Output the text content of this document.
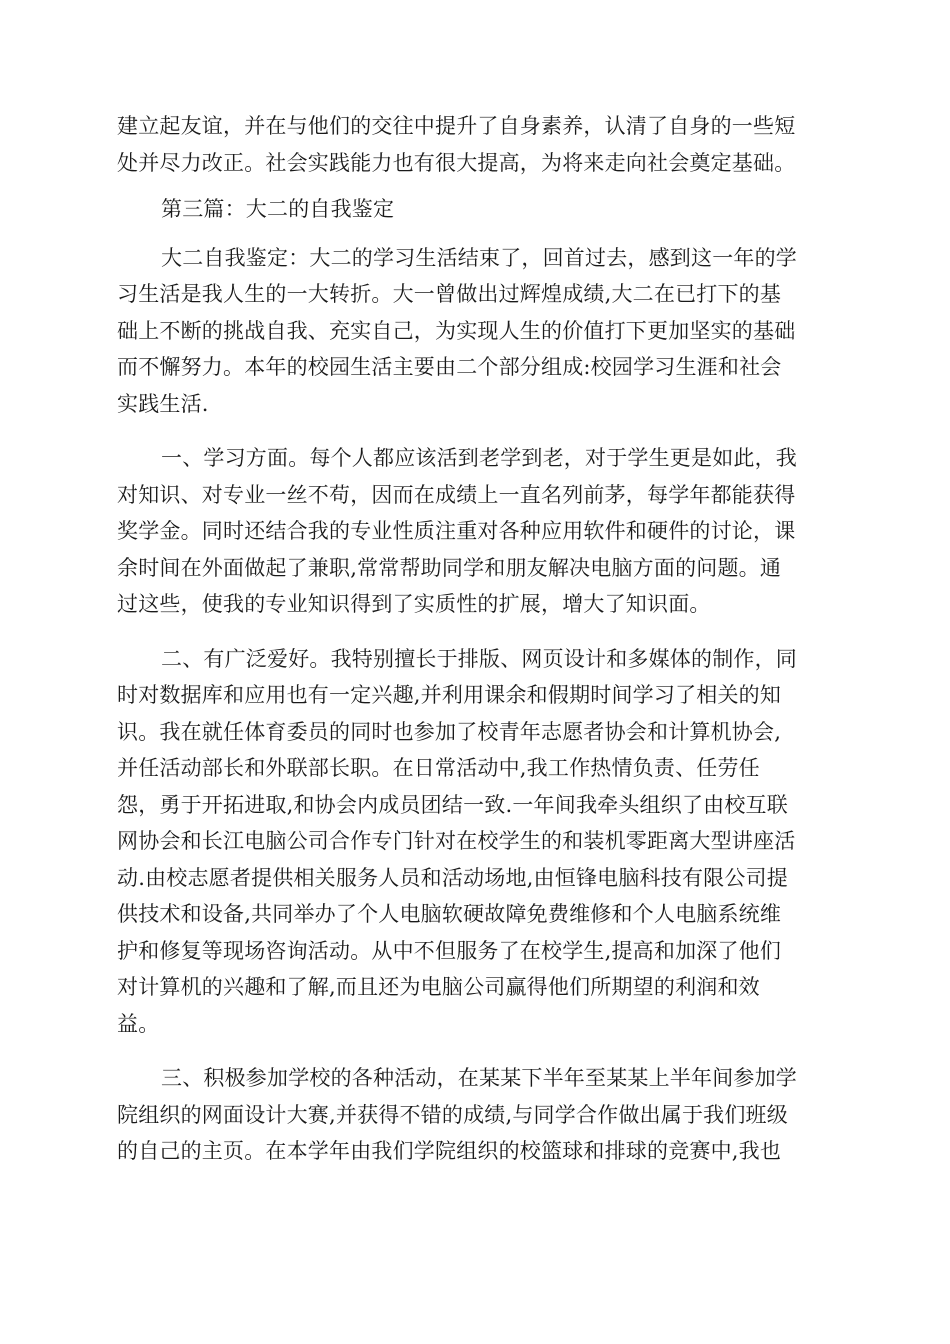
建立起友谊，并在与他们的交往中提升了自身素养，认清了自身的一些短
处并尽力改正。社会实践能力也有很大提高，为将来走向社会奠定基础。
第三篇：大二的自我鉴定
大二自我鉴定：大二的学习生活结束了，回首过去，感到这一年的学
习生活是我人生的一大转折。大一曾做出过辉煌成绩,大二在已打下的基
础上不断的挑战自我、充实自己，为实现人生的价值打下更加坚实的基础
而不懈努力。本年的校园生活主要由二个部分组成:校园学习生涯和社会
实践生活.
一、学习方面。每个人都应该活到老学到老，对于学生更是如此，我
对知识、对专业一丝不苟，因而在成绩上一直名列前茅，每学年都能获得
奖学金。同时还结合我的专业性质注重对各种应用软件和硬件的讨论，课
余时间在外面做起了兼职,常常帮助同学和朋友解决电脑方面的问题。通
过这些，使我的专业知识得到了实质性的扩展，增大了知识面。
二、有广泛爱好。我特别擅长于排版、网页设计和多媒体的制作，同
时对数据库和应用也有一定兴趣,并利用课余和假期时间学习了相关的知
识。我在就任体育委员的同时也参加了校青年志愿者协会和计算机协会,
并任活动部长和外联部长职。在日常活动中,我工作热情负责、任劳任
怨，勇于开拓进取,和协会内成员团结一致.一年间我牵头组织了由校互联
网协会和长江电脑公司合作专门针对在校学生的和装机零距离大型讲座活
动.由校志愿者提供相关服务人员和活动场地,由恒锋电脑科技有限公司提
供技术和设备,共同举办了个人电脑软硬故障免费维修和个人电脑系统维
护和修复等现场咨询活动。从中不但服务了在校学生,提高和加深了他们
对计算机的兴趣和了解,而且还为电脑公司赢得他们所期望的利润和效
益。
三、积极参加学校的各种活动，在某某下半年至某某上半年间参加学
院组织的网面设计大赛,并获得不错的成绩,与同学合作做出属于我们班级
的自己的主页。在本学年由我们学院组织的校篮球和排球的竞赛中,我也
